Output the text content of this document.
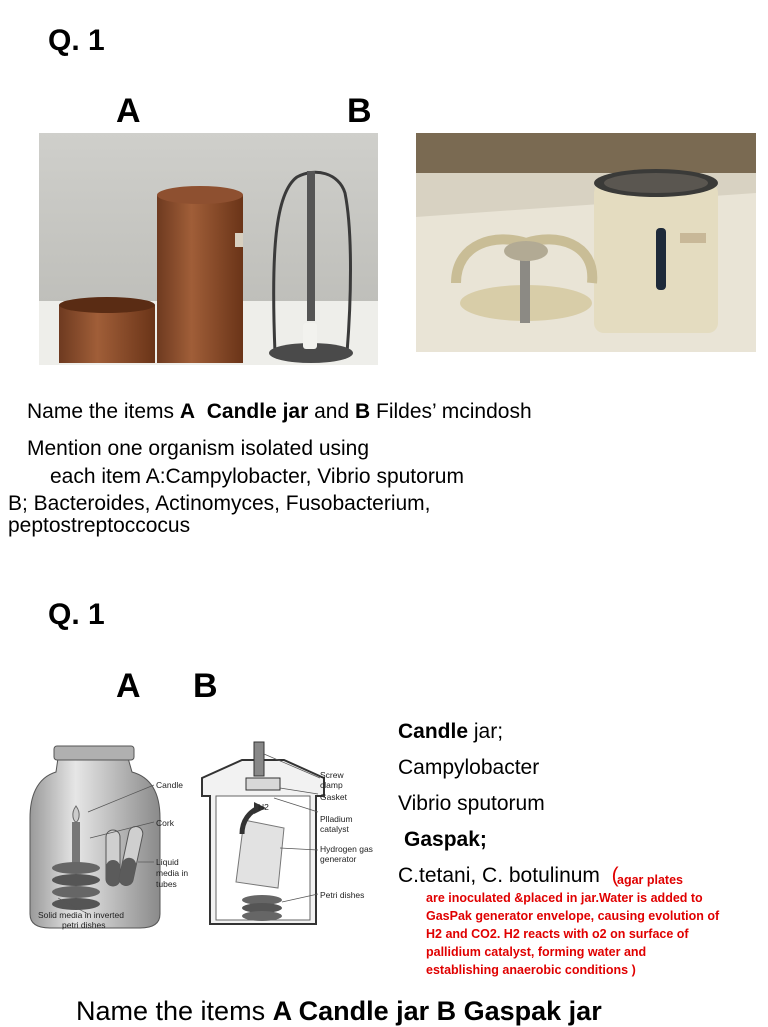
Q. 1
A	B
Name the items A Candle jar and B Fildes’ mcindosh
Mention one organism isolated using
each item A:Campylobacter, Vibrio sputorum
B; Bacteroides, Actinomyces, Fusobacterium,
peptostreptoccocus
Q. 1
A B
Candle
Cork
Liquid
media in
tubes
Solid media in inverted
petri dishes
H2
Screw
clamp
Gasket
Plladium
catalyst
Hydrogen gas
generator
Petri dishes
Candle jar;
Campylobacter
Vibrio sputorum
Gaspak;
C.tetani, C. botulinum (
agar plates
are inoculated &placed in jar.Water is added to
GasPak generator envelope, causing evolution of
H2 and CO2. H2 reacts with o2 on surface of
pallidium catalyst, forming water and
establishing anaerobic conditions )
Name the items A Candle jar B Gaspak jar
